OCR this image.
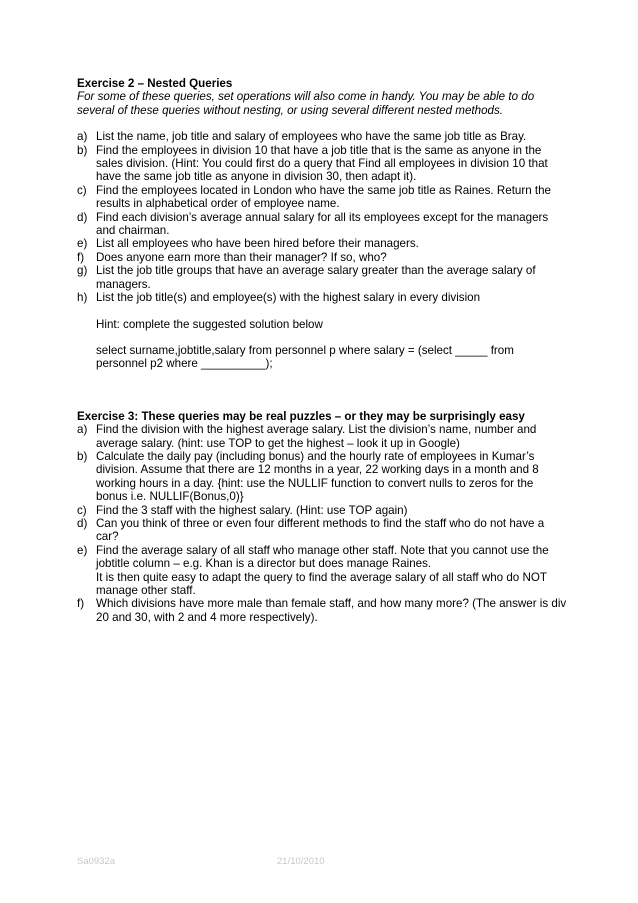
Exercise 2 – Nested Queries
For some of these queries, set operations will also come in handy. You may be able to do several of these queries without nesting, or using several different nested methods.
a) List the name, job title and salary of employees who have the same job title as Bray.
b) Find the employees in division 10 that have a job title that is the same as anyone in the sales division. (Hint: You could first do a query that Find all employees in division 10 that have the same job title as anyone in division 30, then adapt it).
c) Find the employees located in London who have the same job title as Raines. Return the results in alphabetical order of employee name.
d) Find each division’s average annual salary for all its employees except for the managers and chairman.
e) List all employees who have been hired before their managers.
f) Does anyone earn more than their manager? If so, who?
g) List the job title groups that have an average salary greater than the average salary of managers.
h) List the job title(s) and employee(s) with the highest salary in every division
Hint: complete the suggested solution below
select surname,jobtitle,salary from personnel p where salary = (select _____ from personnel p2 where __________);
Exercise 3: These queries may be real puzzles – or they may be surprisingly easy
a) Find the division with the highest average salary. List the division’s name, number and average salary. (hint: use TOP to get the highest – look it up in Google)
b) Calculate the daily pay (including bonus) and the hourly rate of employees in Kumar’s division. Assume that there are 12 months in a year, 22 working days in a month and 8 working hours in a day. {hint: use the NULLIF function to convert nulls to zeros for the bonus i.e. NULLIF(Bonus,0)}
c) Find the 3 staff with the highest salary. (Hint: use TOP again)
d) Can you think of three or even four different methods to find the staff who do not have a car?
e) Find the average salary of all staff who manage other staff. Note that you cannot use the jobtitle column – e.g. Khan is a director but does manage Raines.
It is then quite easy to adapt the query to find the average salary of all staff who do NOT manage other staff.
f) Which divisions have more male than female staff, and how many more? (The answer is div 20 and 30, with 2 and 4 more respectively).
Sa0932a	21/10/2010
